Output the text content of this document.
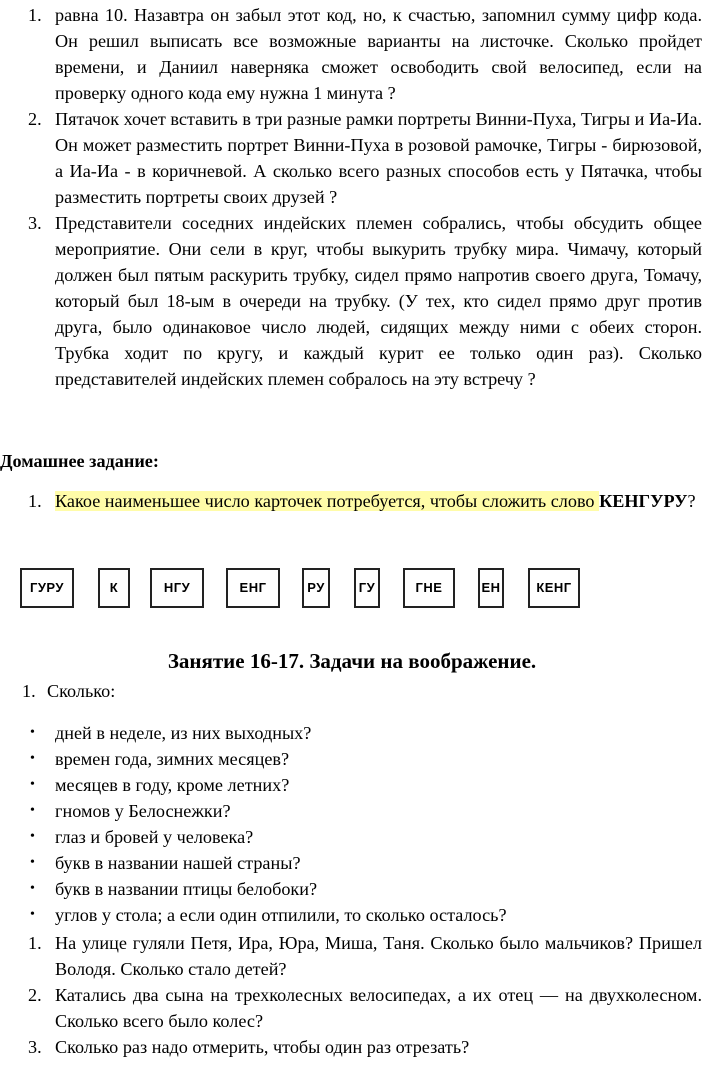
1. равна 10. Назавтра он забыл этот код, но, к счастью, запомнил сумму цифр кода. Он решил выписать все возможные варианты на листочке. Сколько пройдет времени, и Даниил наверняка сможет освободить свой велосипед, если на проверку одного кода ему нужна 1 минута ?
2. Пятачок хочет вставить в три разные рамки портреты Винни-Пуха, Тигры и Иа-Иа. Он может разместить портрет Винни-Пуха в розовой рамочке, Тигры - бирюзовой, а Иа-Иа - в коричневой. А сколько всего разных способов есть у Пятачка, чтобы разместить портреты своих друзей ?
3. Представители соседних индейских племен собрались, чтобы обсудить общее мероприятие. Они сели в круг, чтобы выкурить трубку мира. Чимачу, который должен был пятым раскурить трубку, сидел прямо напротив своего друга, Томачу, который был 18-ым в очереди на трубку. (У тех, кто сидел прямо друг против друга, было одинаковое число людей, сидящих между ними с обеих сторон. Трубка ходит по кругу, и каждый курит ее только один раз). Сколько представителей индейских племен собралось на эту встречу ?
Домашнее задание:
1. Какое наименьшее число карточек потребуется, чтобы сложить слово КЕНГУРУ?
ГУРУ	К	НГУ	ЕНГ	РУ	ГУ	ГНЕ	ЕН	КЕНГ
Занятие 16-17. Задачи на воображение.
1. Сколько:
• дней в неделе, из них выходных?
• времен года, зимних месяцев?
• месяцев в году, кроме летних?
• гномов у Белоснежки?
• глаз и бровей у человека?
• букв в названии нашей страны?
• букв в названии птицы белобоки?
• углов у стола; а если один отпилили, то сколько осталось?
1. На улице гуляли Петя, Ира, Юра, Миша, Таня. Сколько было мальчиков? Пришел Володя. Сколько стало детей?
2. Катались два сына на трехколесных велосипедах, а их отец — на двухколесном. Сколько всего было колес?
3. Сколько раз надо отмерить, чтобы один раз отрезать?
